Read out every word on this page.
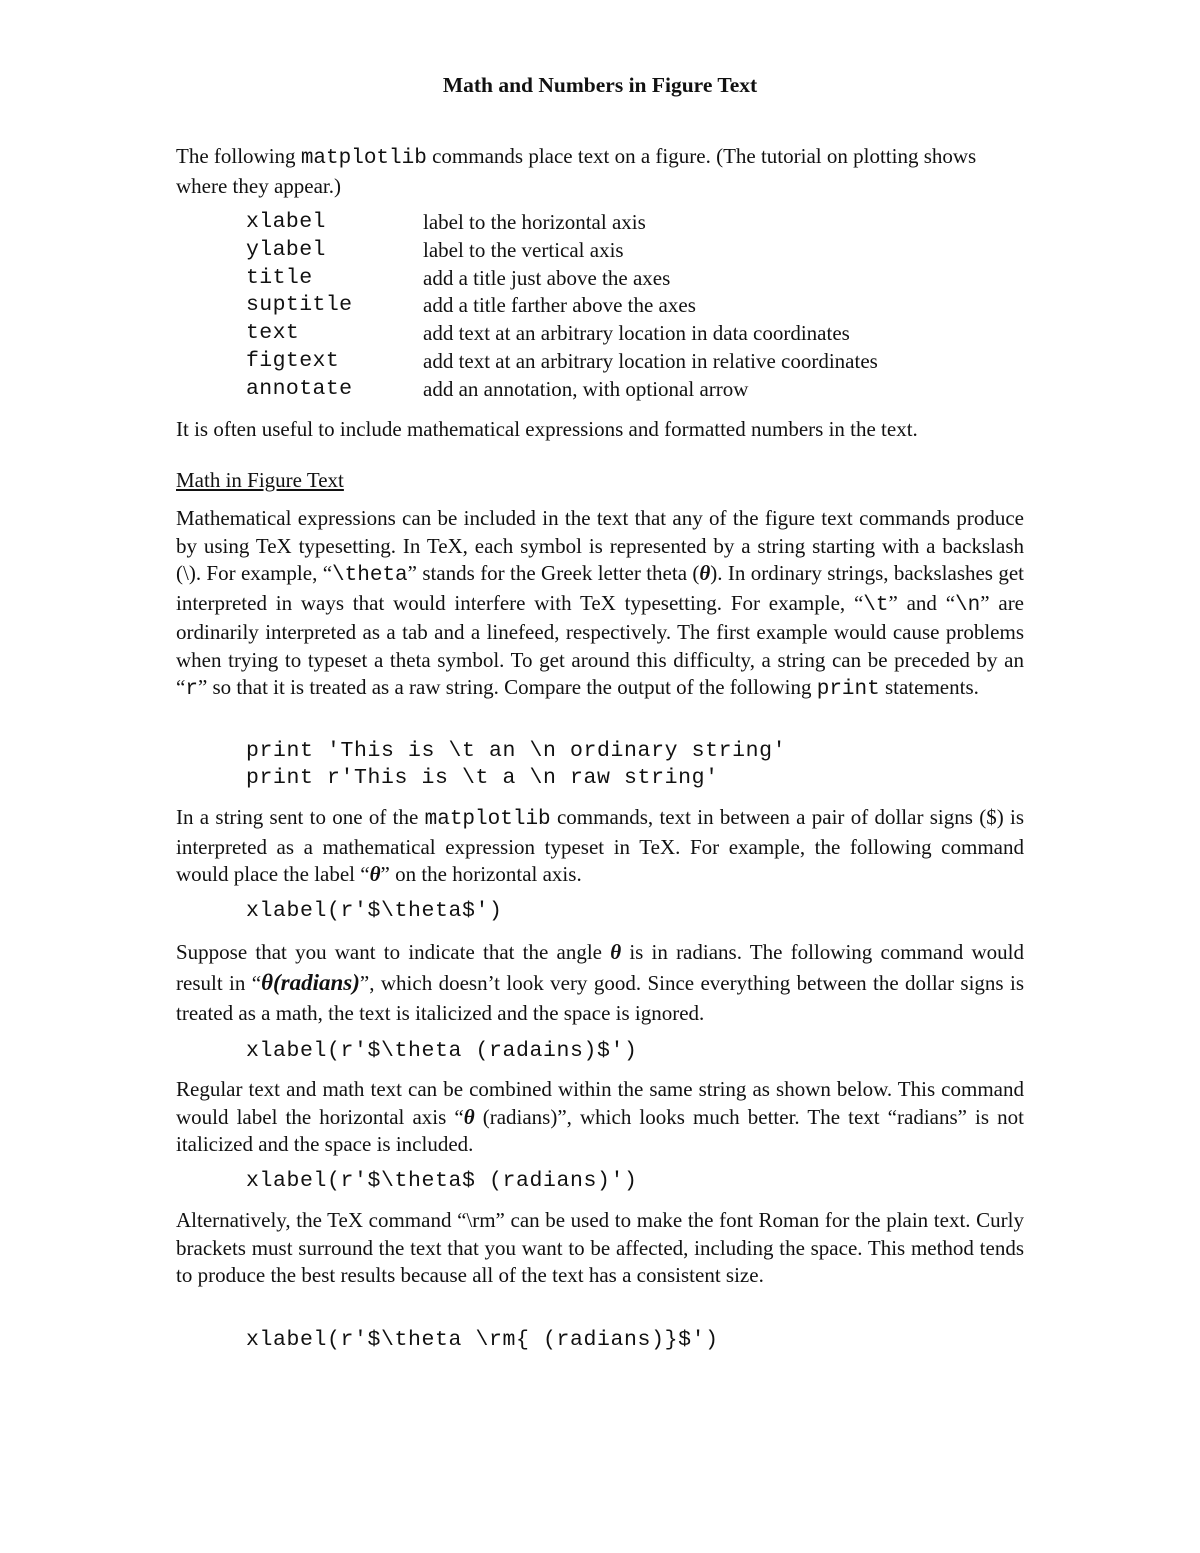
Math and Numbers in Figure Text

The following matplotlib commands place text on a figure. (The tutorial on plotting shows where they appear.)

xlabel	label to the horizontal axis
ylabel	label to the vertical axis
title	add a title just above the axes
suptitle	add a title farther above the axes
text	add text at an arbitrary location in data coordinates
figtext	add text at an arbitrary location in relative coordinates
annotate	add an annotation, with optional arrow

It is often useful to include mathematical expressions and formatted numbers in the text.

Math in Figure Text

Mathematical expressions can be included in the text that any of the figure text commands produce by using TeX typesetting. In TeX, each symbol is represented by a string starting with a backslash (\). For example, “\theta” stands for the Greek letter theta (θ). In ordinary strings, backslashes get interpreted in ways that would interfere with TeX typesetting. For example, “\t” and “\n” are ordinarily interpreted as a tab and a linefeed, respectively. The first example would cause problems when trying to typeset a theta symbol. To get around this difficulty, a string can be preceded by an “r” so that it is treated as a raw string. Compare the output of the following print statements.

print 'This is \t an \n ordinary string'

print r'This is \t a \n raw string'

In a string sent to one of the matplotlib commands, text in between a pair of dollar signs ($) is interpreted as a mathematical expression typeset in TeX. For example, the following command would place the label “θ” on the horizontal axis.

xlabel(r'$\theta$')

Suppose that you want to indicate that the angle θ is in radians. The following command would result in “θ(radians)”, which doesn’t look very good. Since everything between the dollar signs is treated as a math, the text is italicized and the space is ignored.

xlabel(r'$\theta (radains)$')

Regular text and math text can be combined within the same string as shown below. This command would label the horizontal axis “θ (radians)”, which looks much better. The text “radians” is not italicized and the space is included.

xlabel(r'$\theta$ (radians)')

Alternatively, the TeX command “\rm” can be used to make the font Roman for the plain text. Curly brackets must surround the text that you want to be affected, including the space. This method tends to produce the best results because all of the text has a consistent size.

xlabel(r'$\theta \rm{ (radians)}$')
